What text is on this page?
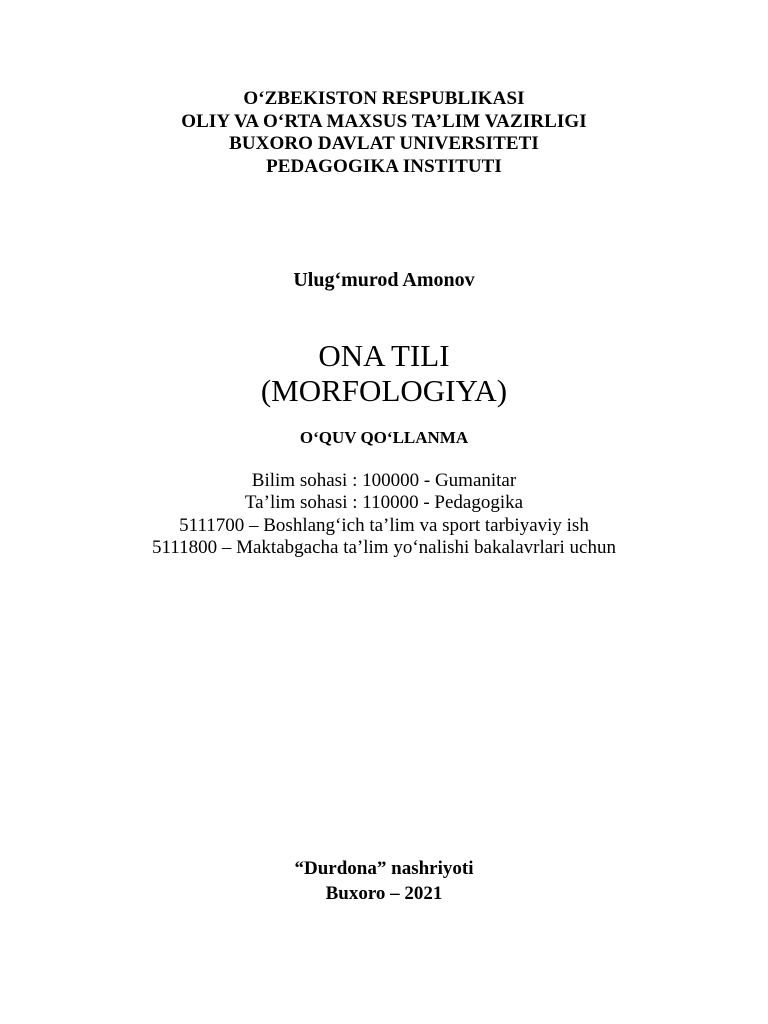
O‘ZBEKISTON RESPUBLIKASI
OLIY VA O‘RTA MAXSUS TA’LIM VAZIRLIGI
BUXORO DAVLAT UNIVERSITETI
PEDAGOGIKA INSTITUTI
Ulug‘murod Amonov
ONA TILI
(MORFOLOGIYA)
O‘QUV QO‘LLANMA
Bilim sohasi : 100000 - Gumanitar
Ta’lim sohasi : 110000 - Pedagogika
5111700 – Boshlang‘ich ta’lim va sport tarbiyaviy ish
5111800 – Maktabgacha ta’lim yo‘nalishi bakalavrlari uchun
“Durdona” nashriyoti
Buxoro – 2021
